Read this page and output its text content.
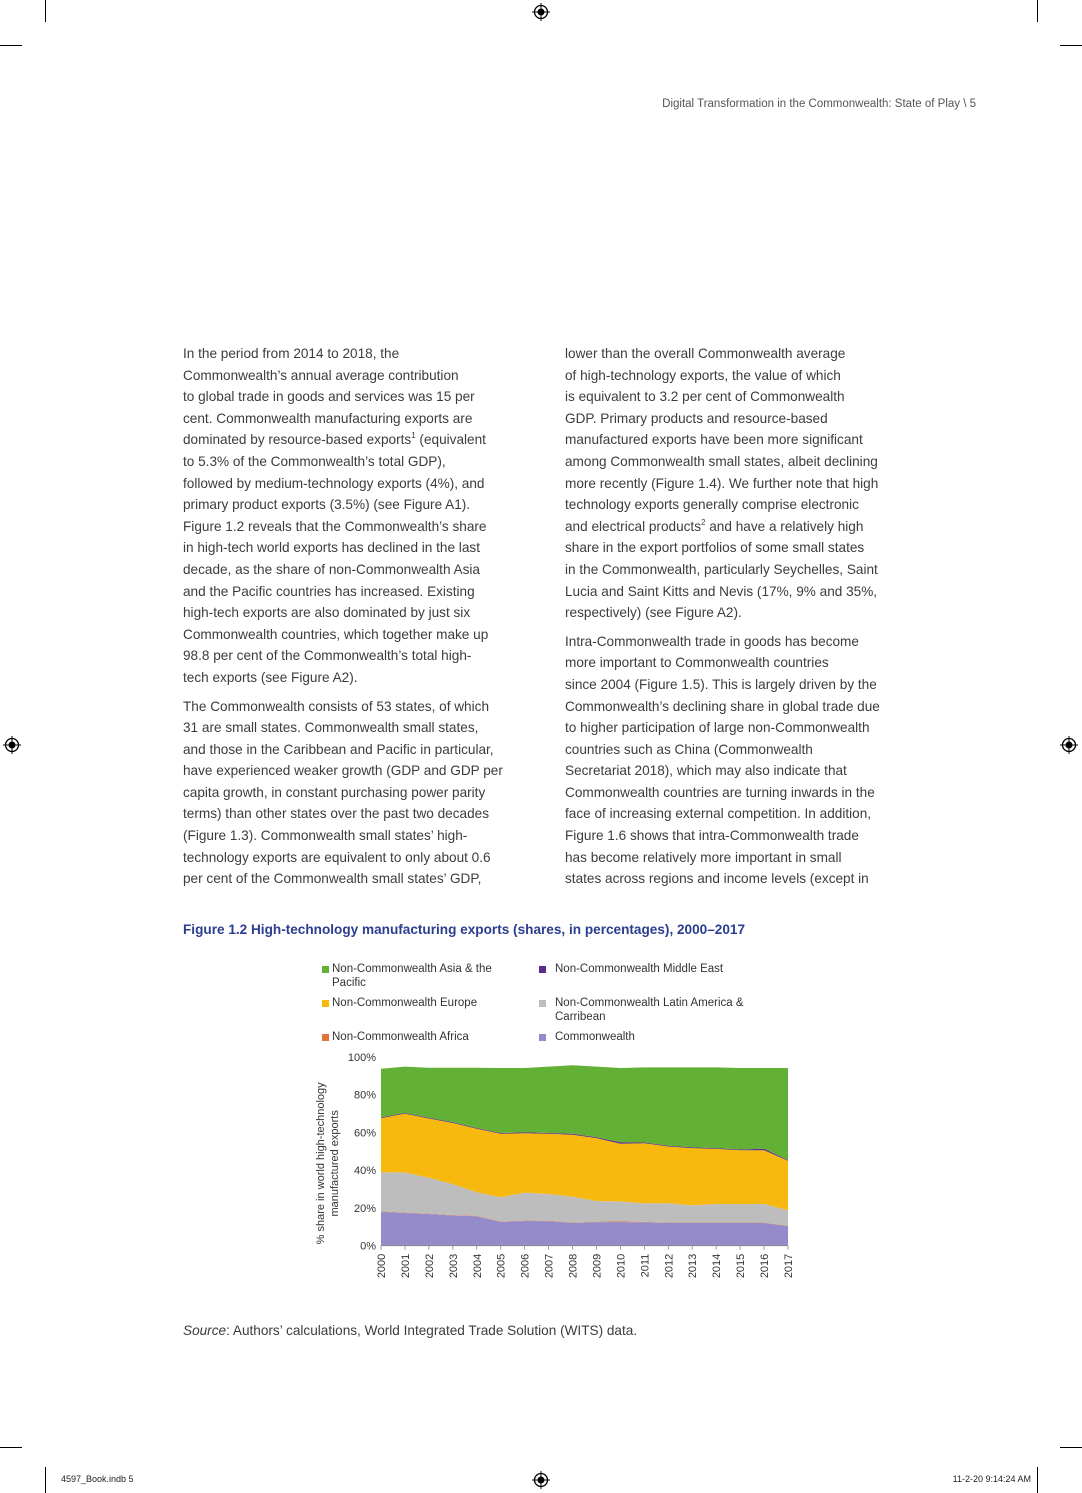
Digital Transformation in the Commonwealth: State of Play \ 5
In the period from 2014 to 2018, the
Commonwealth’s annual average contribution
to global trade in goods and services was 15 per
cent. Commonwealth manufacturing exports are
dominated by resource-based exports$^1$ (equivalent
to 5.3% of the Commonwealth’s total GDP),
followed by medium-technology exports (4%), and
primary product exports (3.5%) (see Figure A1).
Figure 1.2 reveals that the Commonwealth’s share
in high-tech world exports has declined in the last
decade, as the share of non-Commonwealth Asia
and the Pacific countries has increased. Existing
high-tech exports are also dominated by just six
Commonwealth countries, which together make up
98.8 per cent of the Commonwealth’s total high-
tech exports (see Figure A2).
The Commonwealth consists of 53 states, of which
31 are small states. Commonwealth small states,
and those in the Caribbean and Pacific in particular,
have experienced weaker growth (GDP and GDP per
capita growth, in constant purchasing power parity
terms) than other states over the past two decades
(Figure 1.3). Commonwealth small states’ high-
technology exports are equivalent to only about 0.6
per cent of the Commonwealth small states’ GDP,
lower than the overall Commonwealth average
of high-technology exports, the value of which
is equivalent to 3.2 per cent of Commonwealth
GDP. Primary products and resource-based
manufactured exports have been more significant
among Commonwealth small states, albeit declining
more recently (Figure 1.4). We further note that high
technology exports generally comprise electronic
and electrical products$^2$ and have a relatively high
share in the export portfolios of some small states
in the Commonwealth, particularly Seychelles, Saint
Lucia and Saint Kitts and Nevis (17%, 9% and 35%,
respectively) (see Figure A2).
Intra-Commonwealth trade in goods has become
more important to Commonwealth countries
since 2004 (Figure 1.5). This is largely driven by the
Commonwealth’s declining share in global trade due
to higher participation of large non-Commonwealth
countries such as China (Commonwealth
Secretariat 2018), which may also indicate that
Commonwealth countries are turning inwards in the
face of increasing external competition. In addition,
Figure 1.6 shows that intra-Commonwealth trade
has become relatively more important in small
states across regions and income levels (except in
Figure 1.2 High-technology manufacturing exports (shares, in percentages), 2000–2017
Non-Commonwealth Asia & the
Pacific
Non-Commonwealth Middle East
Non-Commonwealth Europe	Non-Commonwealth Latin America &
Carribean
Non-Commonwealth Africa	Commonwealth
0%
20%
40%
60%
80%
100%
2000 2001 2002 2003 2004 2005 2006 2007 2008 2009 2010 2011 2012 2013 2014 2015 2016 2017
% share in world high-technology manufactured exports
Source: Authors’ calculations, World Integrated Trade Solution (WITS) data.
4597_Book.indb 5	11-2-20 9:14:24 AM
